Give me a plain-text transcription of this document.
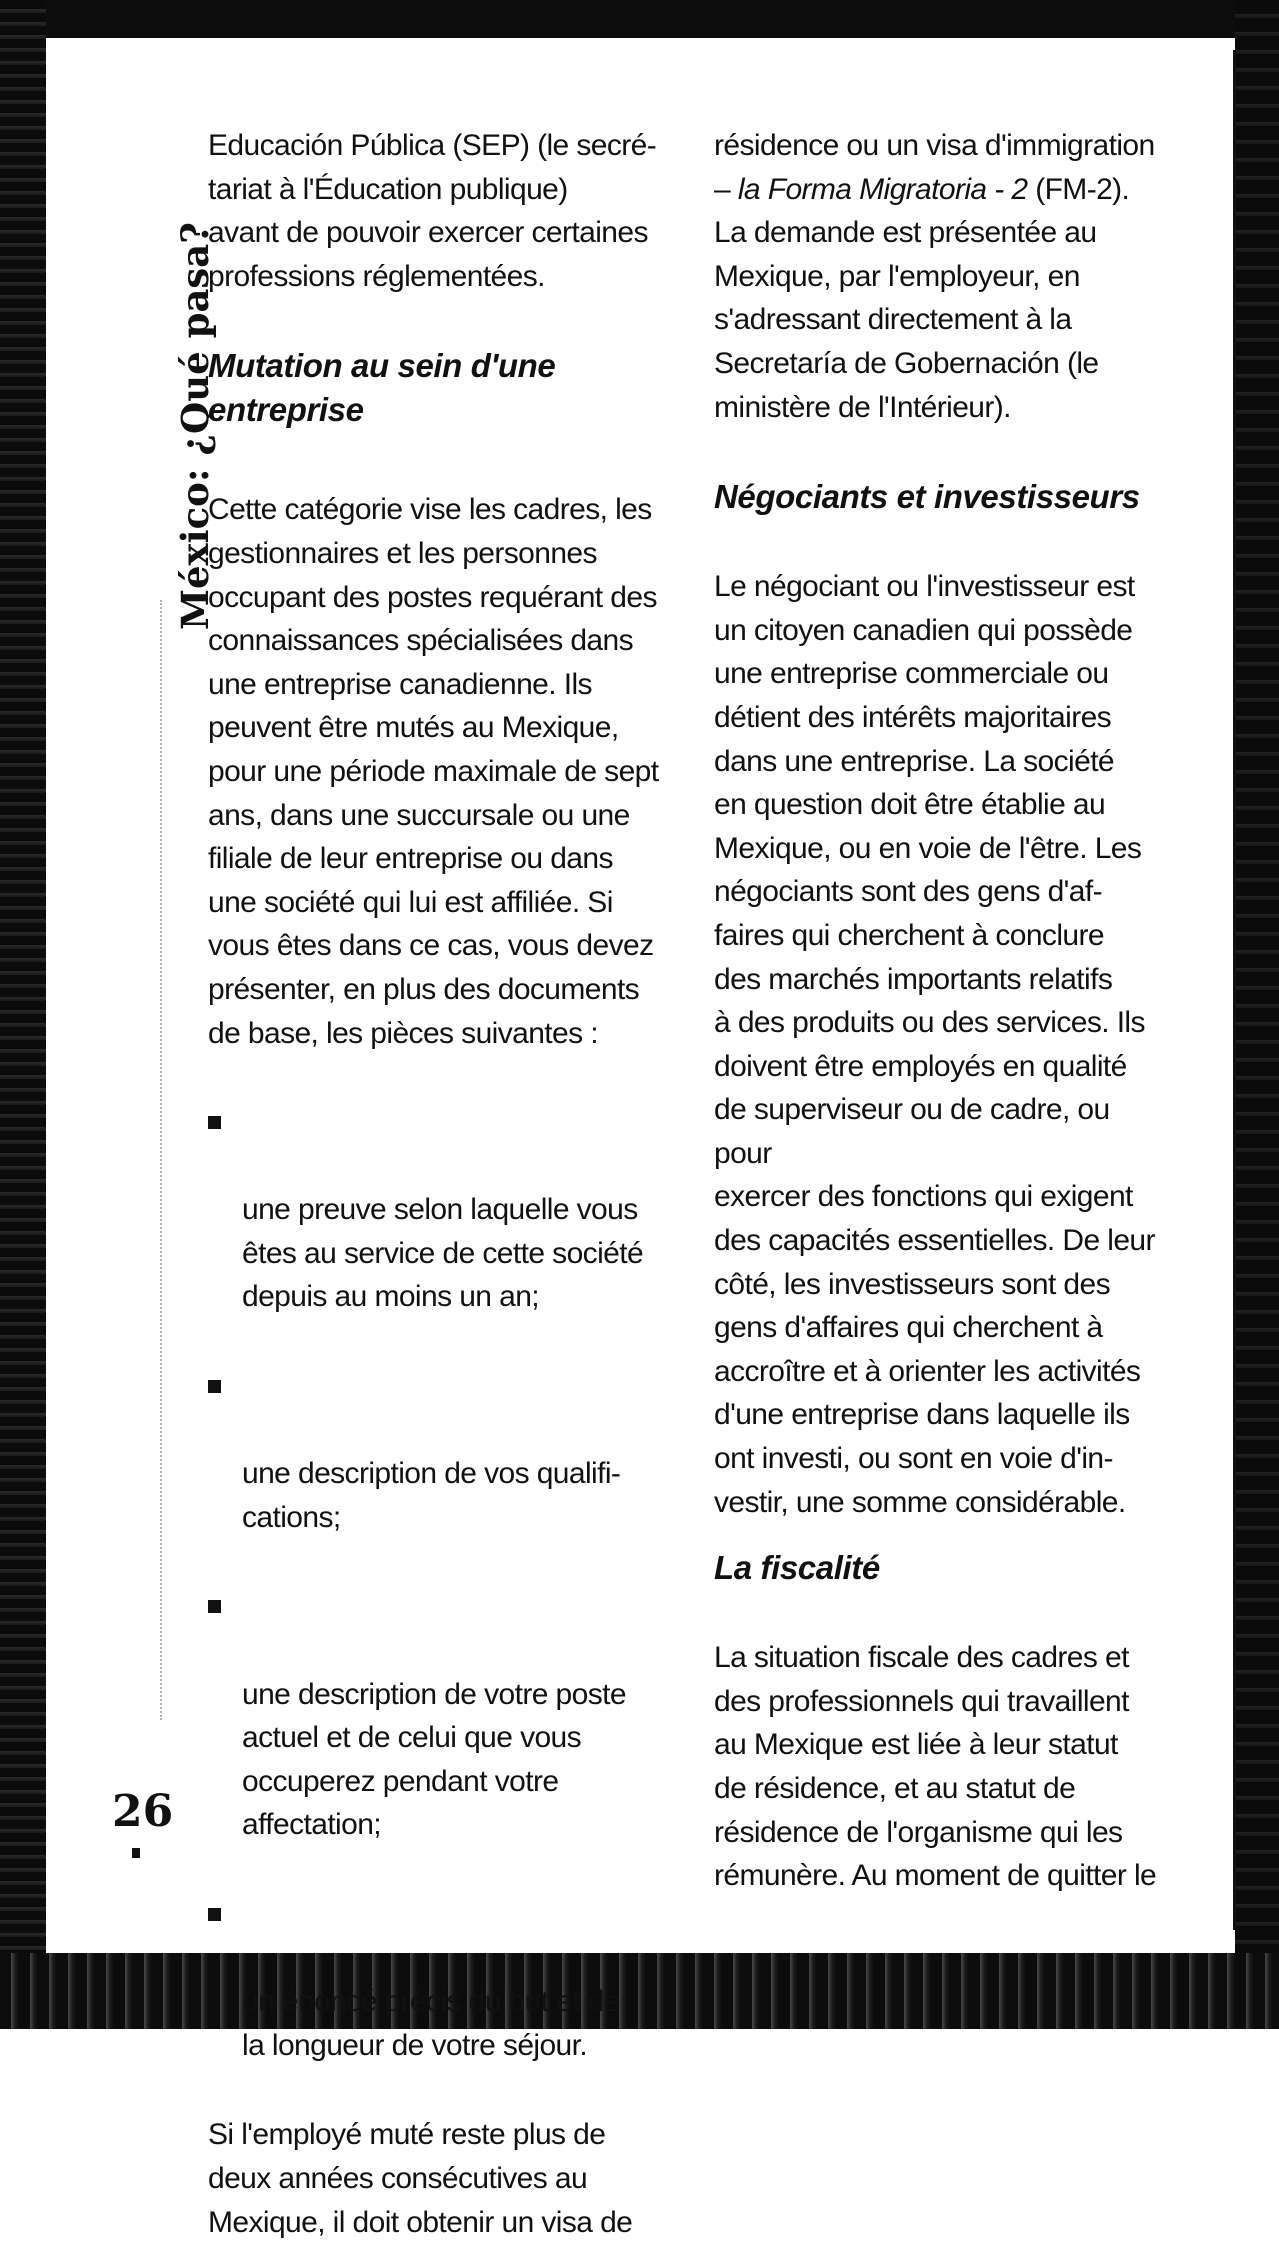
México: ¿Qué pasa?
26

Educación Pública (SEP) (le secré-
tariat à l'Éducation publique)
avant de pouvoir exercer certaines
professions réglementées.

Mutation au sein d'une
entreprise

Cette catégorie vise les cadres, les
gestionnaires et les personnes
occupant des postes requérant des
connaissances spécialisées dans
une entreprise canadienne. Ils
peuvent être mutés au Mexique,
pour une période maximale de sept
ans, dans une succursale ou une
filiale de leur entreprise ou dans
une société qui lui est affiliée. Si
vous êtes dans ce cas, vous devez
présenter, en plus des documents
de base, les pièces suivantes :

une preuve selon laquelle vous
êtes au service de cette société
depuis au moins un an;

une description de vos qualifi-
cations;

une description de votre poste
actuel et de celui que vous
occuperez pendant votre
affectation;

un énoncé précis du but et de
la longueur de votre séjour.

Si l'employé muté reste plus de
deux années consécutives au
Mexique, il doit obtenir un visa de

résidence ou un visa d'immigration
– la Forma Migratoria - 2 (FM-2).
La demande est présentée au
Mexique, par l'employeur, en
s'adressant directement à la
Secretaría de Gobernación (le
ministère de l'Intérieur).

Négociants et investisseurs

Le négociant ou l'investisseur est
un citoyen canadien qui possède
une entreprise commerciale ou
détient des intérêts majoritaires
dans une entreprise. La société
en question doit être établie au
Mexique, ou en voie de l'être. Les
négociants sont des gens d'af-
faires qui cherchent à conclure
des marchés importants relatifs
à des produits ou des services. Ils
doivent être employés en qualité
de superviseur ou de cadre, ou pour
exercer des fonctions qui exigent
des capacités essentielles. De leur
côté, les investisseurs sont des
gens d'affaires qui cherchent à
accroître et à orienter les activités
d'une entreprise dans laquelle ils
ont investi, ou sont en voie d'in-
vestir, une somme considérable.

La fiscalité

La situation fiscale des cadres et
des professionnels qui travaillent
au Mexique est liée à leur statut
de résidence, et au statut de
résidence de l'organisme qui les
rémunère. Au moment de quitter le
